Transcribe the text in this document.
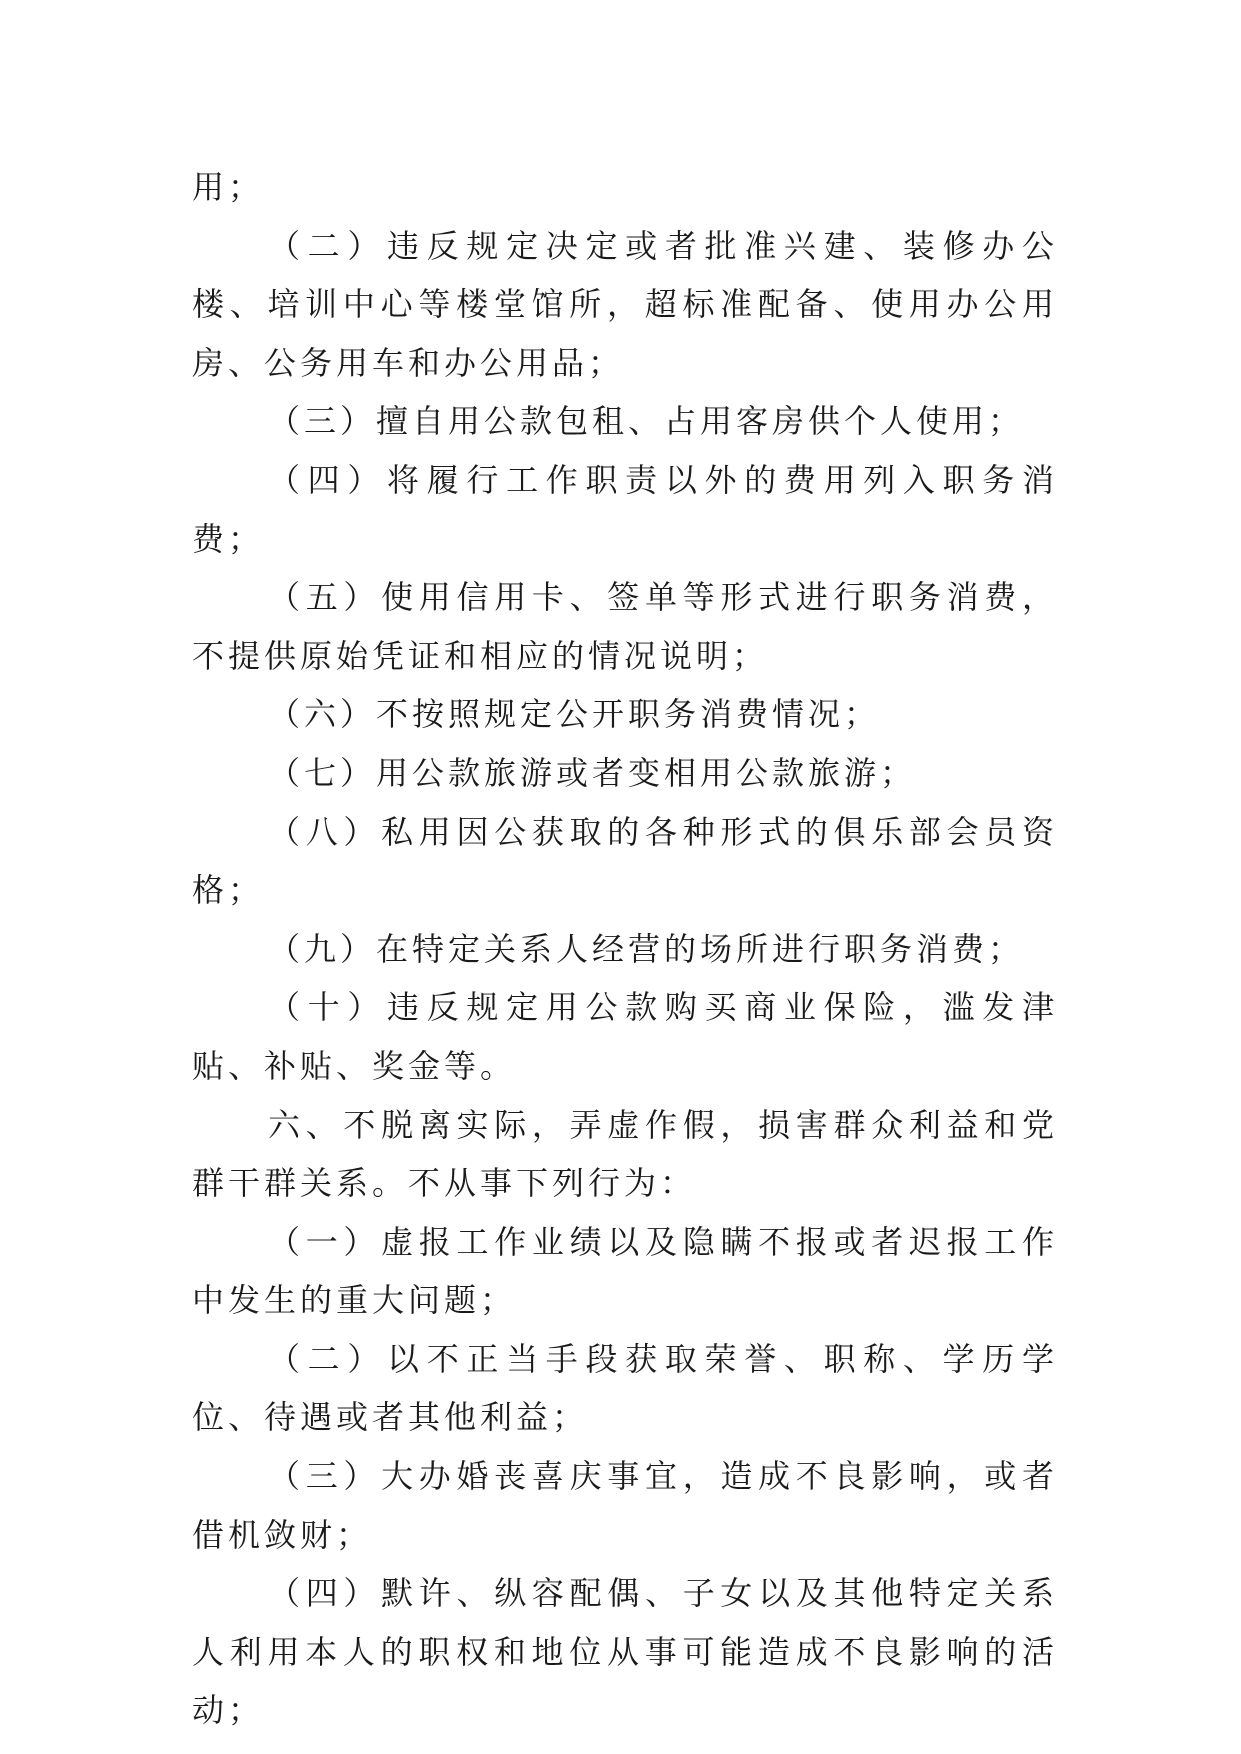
用；

（二）违反规定决定或者批准兴建、装修办公楼、培训中心等楼堂馆所，超标准配备、使用办公用房、公务用车和办公用品；

（三）擅自用公款包租、占用客房供个人使用；

（四）将履行工作职责以外的费用列入职务消费；

（五）使用信用卡、签单等形式进行职务消费，不提供原始凭证和相应的情况说明；

（六）不按照规定公开职务消费情况；

（七）用公款旅游或者变相用公款旅游；

（八）私用因公获取的各种形式的俱乐部会员资格；

（九）在特定关系人经营的场所进行职务消费；

（十）违反规定用公款购买商业保险，滥发津贴、补贴、奖金等。

六、不脱离实际，弄虚作假，损害群众利益和党群干群关系。不从事下列行为：

（一）虚报工作业绩以及隐瞒不报或者迟报工作中发生的重大问题；

（二）以不正当手段获取荣誉、职称、学历学位、待遇或者其他利益；

（三）大办婚丧喜庆事宜，造成不良影响，或者借机敛财；

（四）默许、纵容配偶、子女以及其他特定关系人利用本人的职权和地位从事可能造成不良影响的活动；
